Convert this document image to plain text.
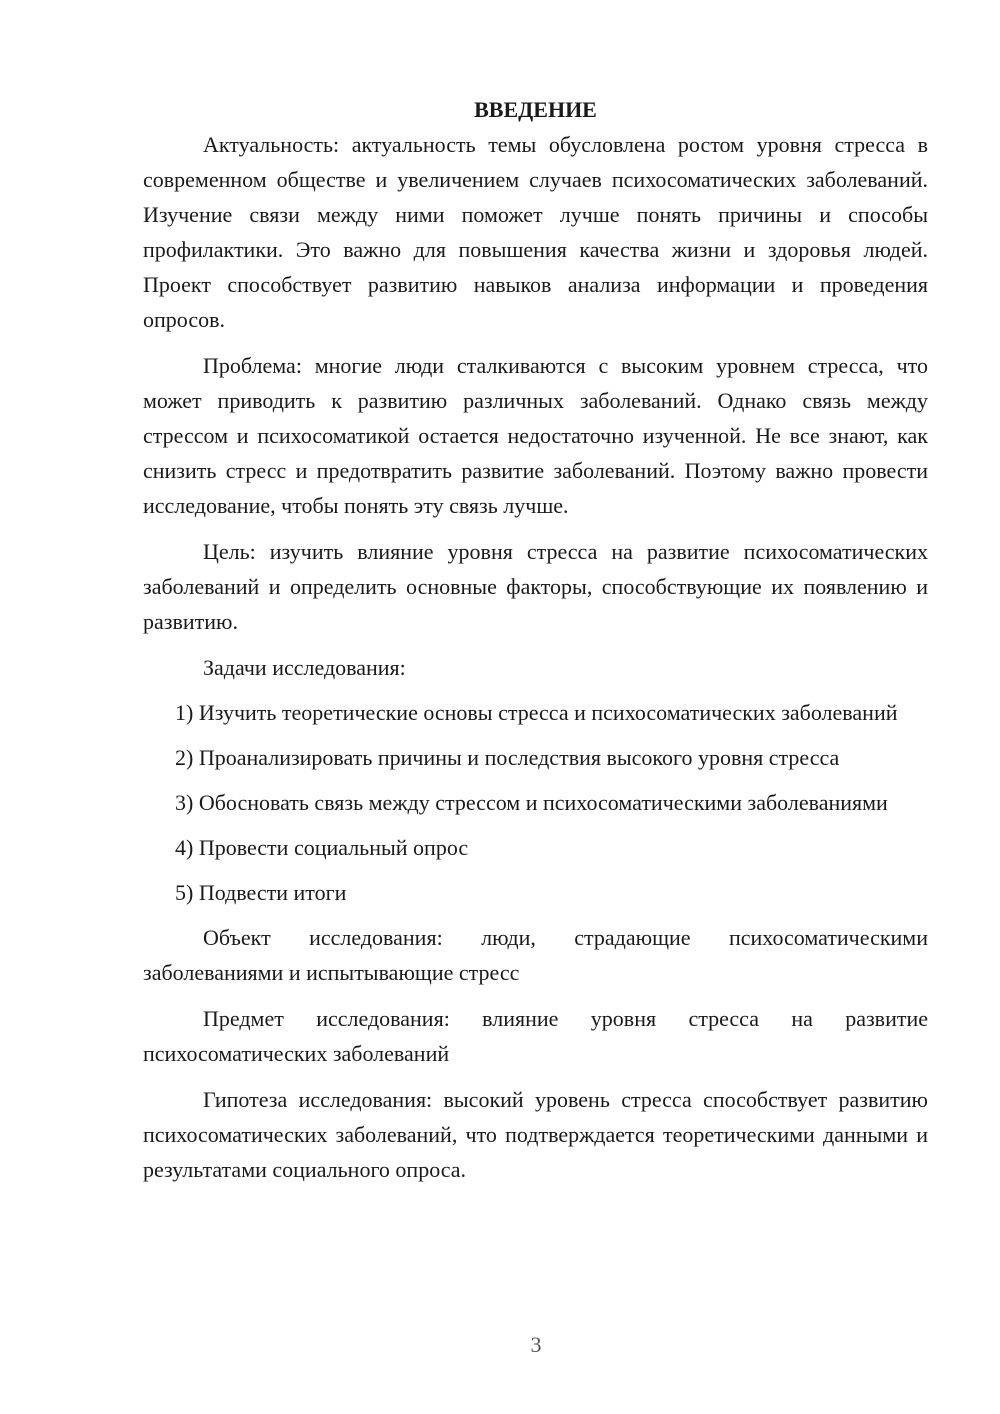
ВВЕДЕНИЕ

Актуальность: актуальность темы обусловлена ростом уровня стресса в современном обществе и увеличением случаев психосоматических заболеваний. Изучение связи между ними поможет лучше понять причины и способы профилактики. Это важно для повышения качества жизни и здоровья людей. Проект способствует развитию навыков анализа информации и проведения опросов.

Проблема: многие люди сталкиваются с высоким уровнем стресса, что может приводить к развитию различных заболеваний. Однако связь между стрессом и психосоматикой остается недостаточно изученной. Не все знают, как снизить стресс и предотвратить развитие заболеваний. Поэтому важно провести исследование, чтобы понять эту связь лучше.

Цель: изучить влияние уровня стресса на развитие психосоматических заболеваний и определить основные факторы, способствующие их появлению и развитию.

Задачи исследования:

1) Изучить теоретические основы стресса и психосоматических заболеваний

2) Проанализировать причины и последствия высокого уровня стресса

3) Обосновать связь между стрессом и психосоматическими заболеваниями

4) Провести социальный опрос

5) Подвести итоги

Объект исследования: люди, страдающие психосоматическими заболеваниями и испытывающие стресс

Предмет исследования: влияние уровня стресса на развитие психосоматических заболеваний

Гипотеза исследования: высокий уровень стресса способствует развитию психосоматических заболеваний, что подтверждается теоретическими данными и результатами социального опроса.

3
